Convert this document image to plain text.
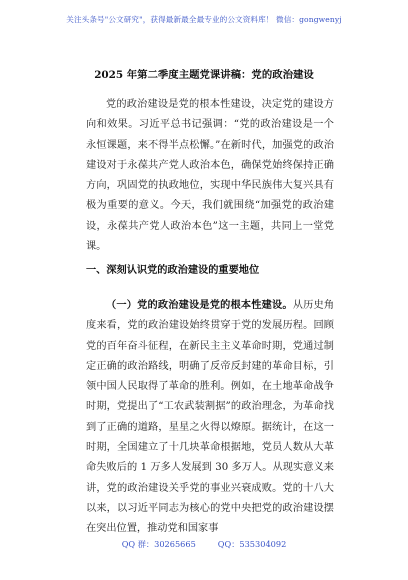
关注头条号"公文研究"，获得最新最全最专业的公文资料库！ 微信：gongwenyj
2025 年第二季度主题党课讲稿：党的政治建设
党的政治建设是党的根本性建设，决定党的建设方向和效果。习近平总书记强调：“党的政治建设是一个永恒课题，来不得半点松懈。”在新时代，加强党的政治建设对于永葆共产党人政治本色，确保党始终保持正确方向，巩固党的执政地位，实现中华民族伟大复兴具有极为重要的意义。今天，我们就围绕“加强党的政治建设，永葆共产党人政治本色”这一主题，共同上一堂党课。
一、深刻认识党的政治建设的重要地位
（一）党的政治建设是党的根本性建设。从历史角度来看，党的政治建设始终贯穿于党的发展历程。回顾党的百年奋斗征程，在新民主主义革命时期，党通过制定正确的政治路线，明确了反帝反封建的革命目标，引领中国人民取得了革命的胜利。例如，在土地革命战争时期，党提出了“工农武装割据”的政治理念，为革命找到了正确的道路，星星之火得以燎原。据统计，在这一时期，全国建立了十几块革命根据地，党员人数从大革命失败后的 1 万多人发展到 30 多万人。从现实意义来讲，党的政治建设关乎党的事业兴衰成败。党的十八大以来，以习近平同志为核心的党中央把党的政治建设摆在突出位置，推动党和国家事
QQ 群：30265665	QQ：535304092
